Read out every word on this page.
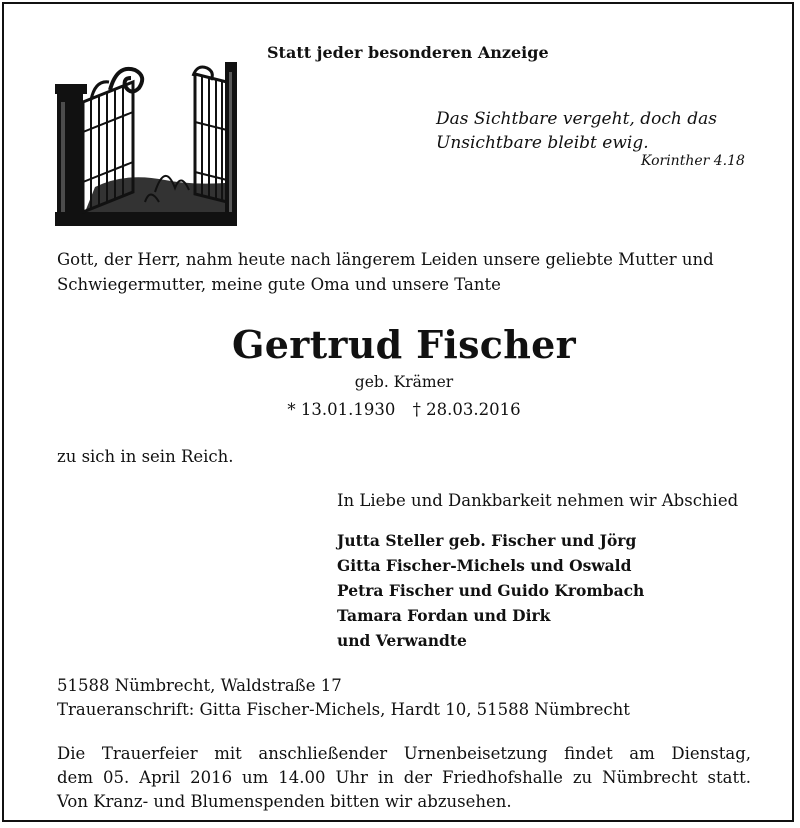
Statt jeder besonderen Anzeige
Das Sichtbare vergeht, doch das
Unsichtbare bleibt ewig.
Korinther 4.18
Gott, der Herr, nahm heute nach längerem Leiden unsere geliebte Mutter und
Schwiegermutter, meine gute Oma und unsere Tante
Gertrud Fischer
geb. Krämer
* 13.01.1930 † 28.03.2016
zu sich in sein Reich.
In Liebe und Dankbarkeit nehmen wir Abschied
Jutta Steller geb. Fischer und Jörg
Gitta Fischer-Michels und Oswald
Petra Fischer und Guido Krombach
Tamara Fordan und Dirk
und Verwandte
51588 Nümbrecht, Waldstraße 17
Traueranschrift: Gitta Fischer-Michels, Hardt 10, 51588 Nümbrecht
Die Trauerfeier mit anschließender Urnenbeisetzung findet am Dienstag,
dem 05. April 2016 um 14.00 Uhr in der Friedhofshalle zu Nümbrecht statt.
Von Kranz- und Blumenspenden bitten wir abzusehen.
